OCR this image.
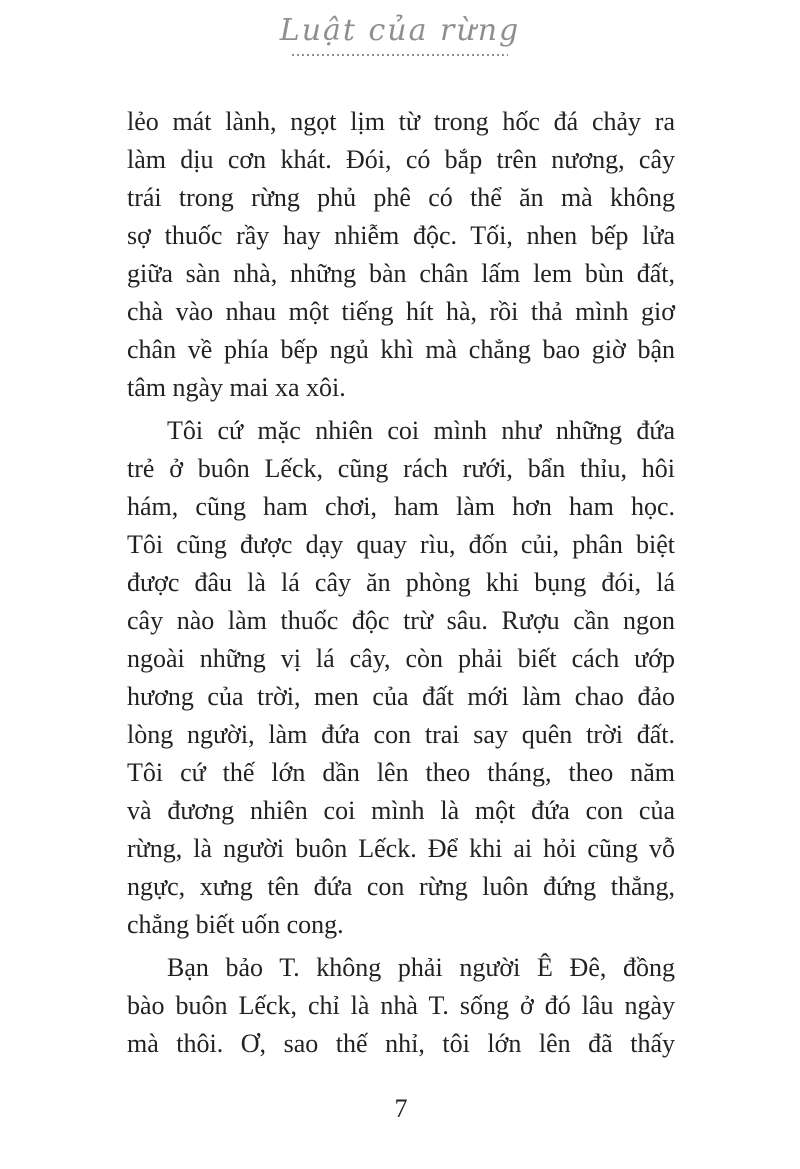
Luật của rừng

lẻo mát lành, ngọt lịm từ trong hốc đá chảy ra
làm dịu cơn khát. Đói, có bắp trên nương, cây
trái trong rừng phủ phê có thể ăn mà không
sợ thuốc rầy hay nhiễm độc. Tối, nhen bếp lửa
giữa sàn nhà, những bàn chân lấm lem bùn đất,
chà vào nhau một tiếng hít hà, rồi thả mình giơ
chân về phía bếp ngủ khì mà chẳng bao giờ bận
tâm ngày mai xa xôi.

Tôi cứ mặc nhiên coi mình như những đứa
trẻ ở buôn Lếck, cũng rách rưới, bẩn thỉu, hôi
hám, cũng ham chơi, ham làm hơn ham học.
Tôi cũng được dạy quay rìu, đốn củi, phân biệt
được đâu là lá cây ăn phòng khi bụng đói, lá
cây nào làm thuốc độc trừ sâu. Rượu cần ngon
ngoài những vị lá cây, còn phải biết cách ướp
hương của trời, men của đất mới làm chao đảo
lòng người, làm đứa con trai say quên trời đất.
Tôi cứ thế lớn dần lên theo tháng, theo năm
và đương nhiên coi mình là một đứa con của
rừng, là người buôn Lếck. Để khi ai hỏi cũng vỗ
ngực, xưng tên đứa con rừng luôn đứng thẳng,
chẳng biết uốn cong.

Bạn bảo T. không phải người Ê Đê, đồng
bào buôn Lếck, chỉ là nhà T. sống ở đó lâu ngày
mà thôi. Ơ, sao thế nhỉ, tôi lớn lên đã thấy

7
